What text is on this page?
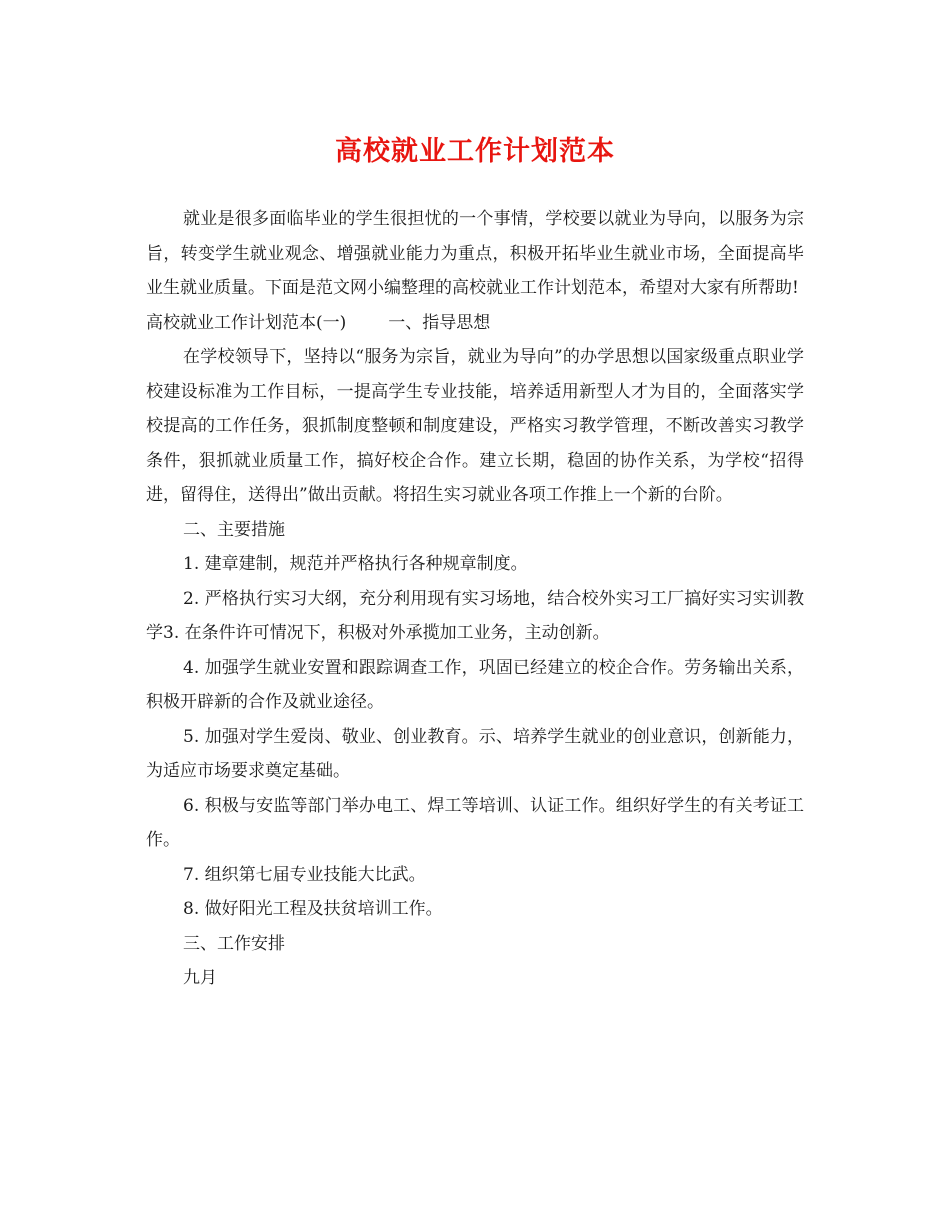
高校就业工作计划范本

就业是很多面临毕业的学生很担忧的一个事情，学校要以就业为导向，以服务为宗旨，转变学生就业观念、增强就业能力为重点，积极开拓毕业生就业市场，全面提高毕业生就业质量。下面是范文网小编整理的高校就业工作计划范本，希望对大家有所帮助!

高校就业工作计划范本(一) 一、指导思想

在学校领导下，坚持以“服务为宗旨，就业为导向”的办学思想以国家级重点职业学校建设标准为工作目标，一提高学生专业技能，培养适用新型人才为目的，全面落实学校提高的工作任务，狠抓制度整顿和制度建设，严格实习教学管理，不断改善实习教学条件，狠抓就业质量工作，搞好校企合作。建立长期，稳固的协作关系，为学校“招得进，留得住，送得出”做出贡献。将招生实习就业各项工作推上一个新的台阶。

二、主要措施

1. 建章建制，规范并严格执行各种规章制度。

2. 严格执行实习大纲，充分利用现有实习场地，结合校外实习工厂搞好实习实训教学3. 在条件许可情况下，积极对外承揽加工业务，主动创新。

4. 加强学生就业安置和跟踪调查工作，巩固已经建立的校企合作。劳务输出关系，积极开辟新的合作及就业途径。

5. 加强对学生爱岗、敬业、创业教育。示、培养学生就业的创业意识，创新能力，为适应市场要求奠定基础。

6. 积极与安监等部门举办电工、焊工等培训、认证工作。组织好学生的有关考证工作。

7. 组织第七届专业技能大比武。

8. 做好阳光工程及扶贫培训工作。

三、工作安排

九月
